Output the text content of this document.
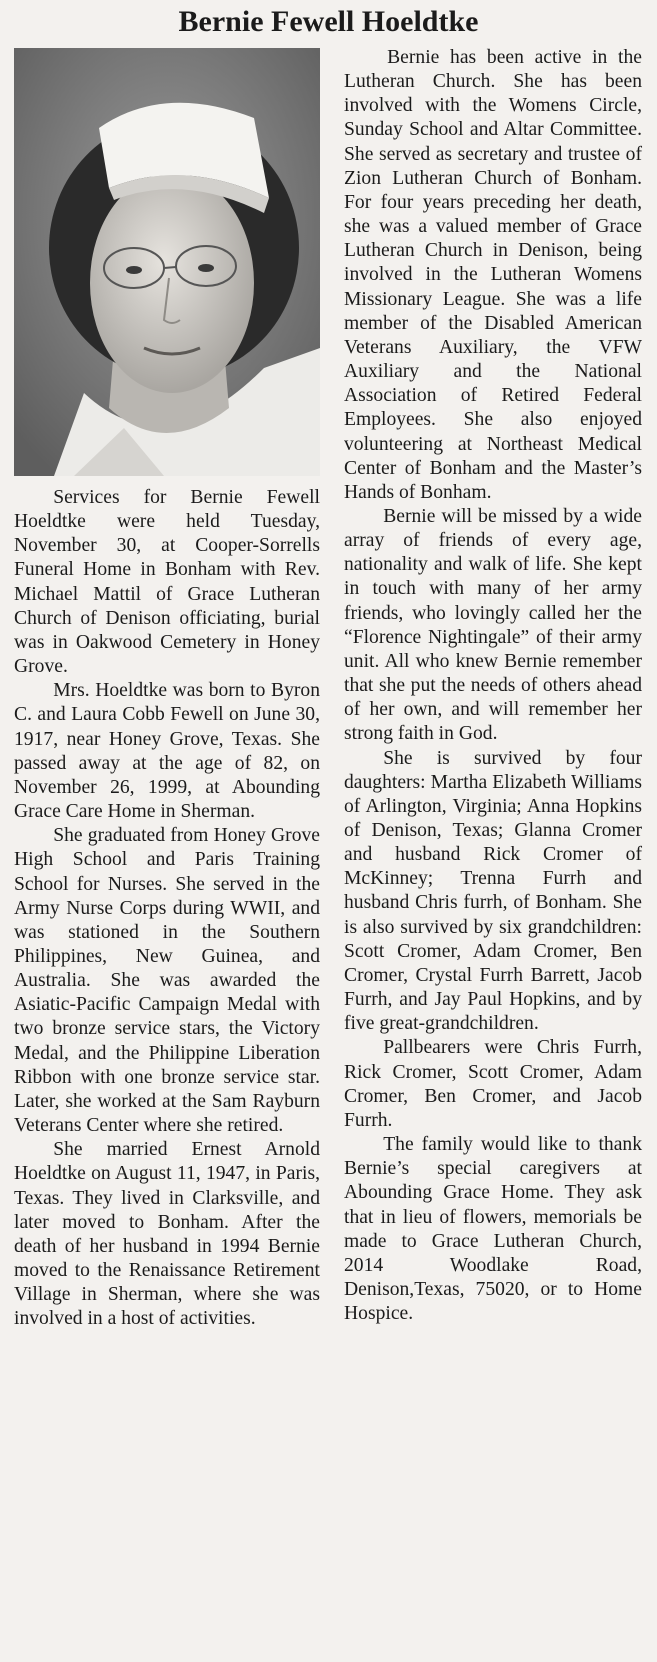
Bernie Fewell Hoeldtke

Services for Bernie Fewell Hoeldtke were held Tuesday, November 30, at Cooper-Sorrells Funeral Home in Bonham with Rev. Michael Mattil of Grace Lutheran Church of Denison officiating, burial was in Oakwood Cemetery in Honey Grove.

Mrs. Hoeldtke was born to Byron C. and Laura Cobb Fewell on June 30, 1917, near Honey Grove, Texas. She passed away at the age of 82, on November 26, 1999, at Abounding Grace Care Home in Sherman.

She graduated from Honey Grove High School and Paris Training School for Nurses. She served in the Army Nurse Corps during WWII, and was stationed in the Southern Philippines, New Guinea, and Australia. She was awarded the Asiatic-Pacific Campaign Medal with two bronze service stars, the Victory Medal, and the Philippine Liberation Ribbon with one bronze service star. Later, she worked at the Sam Rayburn Veterans Center where she retired.

She married Ernest Arnold Hoeldtke on August 11, 1947, in Paris, Texas. They lived in Clarksville, and later moved to Bonham. After the death of her husband in 1994 Bernie moved to the Renaissance Retirement Village in Sherman, where she was involved in a host of activities.

Bernie has been active in the Lutheran Church. She has been involved with the Womens Circle, Sunday School and Altar Committee. She served as secretary and trustee of Zion Lutheran Church of Bonham. For four years preceding her death, she was a valued member of Grace Lutheran Church in Denison, being involved in the Lutheran Womens Missionary League. She was a life member of the Disabled American Veterans Auxiliary, the VFW Auxiliary and the National Association of Retired Federal Employees. She also enjoyed volunteering at Northeast Medical Center of Bonham and the Master’s Hands of Bonham.

Bernie will be missed by a wide array of friends of every age, nationality and walk of life. She kept in touch with many of her army friends, who lovingly called her the “Florence Nightingale” of their army unit. All who knew Bernie remember that she put the needs of others ahead of her own, and will remember her strong faith in God.

She is survived by four daughters: Martha Elizabeth Williams of Arlington, Virginia; Anna Hopkins of Denison, Texas; Glanna Cromer and husband Rick Cromer of McKinney; Trenna Furrh and husband Chris furrh, of Bonham. She is also survived by six grandchildren: Scott Cromer, Adam Cromer, Ben Cromer, Crystal Furrh Barrett, Jacob Furrh, and Jay Paul Hopkins, and by five great-grandchildren.

Pallbearers were Chris Furrh, Rick Cromer, Scott Cromer, Adam Cromer, Ben Cromer, and Jacob Furrh.

The family would like to thank Bernie’s special caregivers at Abounding Grace Home. They ask that in lieu of flowers, memorials be made to Grace Lutheran Church, 2014 Woodlake Road, Denison,Texas, 75020, or to Home Hospice.
